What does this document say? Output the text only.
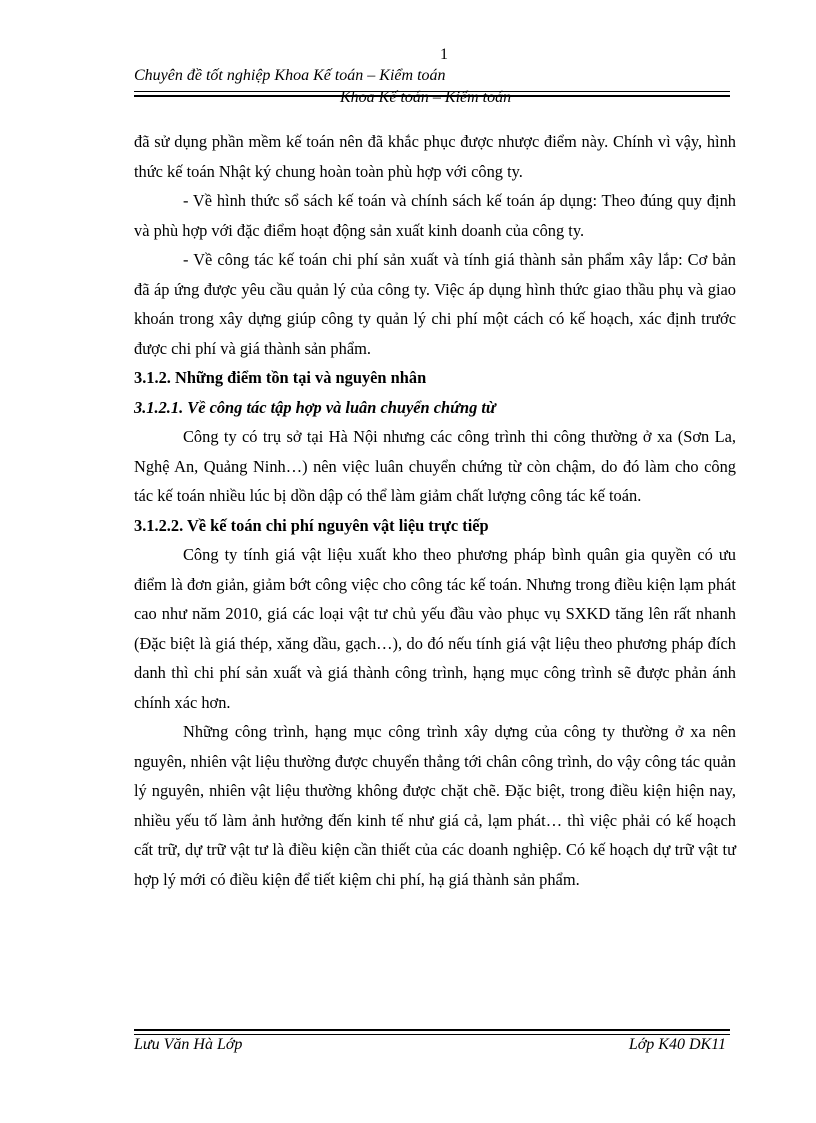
1
Chuyên đề tốt nghiệp Khoa Kế toán – Kiểm toán
Khoa Kế toán – Kiểm toán

đã sử dụng phần mềm kế toán nên đã khắc phục được nhược điểm này. Chính vì vậy, hình thức kế toán Nhật ký chung hoàn toàn phù hợp với công ty.

- Về hình thức sổ sách kế toán và chính sách kế toán áp dụng: Theo đúng quy định và phù hợp với đặc điểm hoạt động sản xuất kinh doanh của công ty.

- Về công tác kế toán chi phí sản xuất và tính giá thành sản phẩm xây lắp: Cơ bản đã áp ứng được yêu cầu quản lý của công ty. Việc áp dụng hình thức giao thầu phụ và giao khoán trong xây dựng giúp công ty quản lý chi phí một cách có kế hoạch, xác định trước được chi phí và giá thành sản phẩm.

3.1.2. Những điểm tồn tại và nguyên nhân

3.1.2.1. Về công tác tập hợp và luân chuyển chứng từ

Công ty có trụ sở tại Hà Nội nhưng các công trình thi công thường ở xa (Sơn La, Nghệ An, Quảng Ninh…) nên việc luân chuyển chứng từ còn chậm, do đó làm cho công tác kế toán nhiều lúc bị dồn dập có thể làm giảm chất lượng công tác kế toán.

3.1.2.2. Về kế toán chi phí nguyên vật liệu trực tiếp

Công ty tính giá vật liệu xuất kho theo phương pháp bình quân gia quyền có ưu điểm là đơn giản, giảm bớt công việc cho công tác kế toán. Nhưng trong điều kiện lạm phát cao như năm 2010, giá các loại vật tư chủ yếu đầu vào phục vụ SXKD tăng lên rất nhanh (Đặc biệt là giá thép, xăng dầu, gạch…), do đó nếu tính giá vật liệu theo phương pháp đích danh thì chi phí sản xuất và giá thành công trình, hạng mục công trình sẽ được phản ánh chính xác hơn.

Những công trình, hạng mục công trình xây dựng của công ty thường ở xa nên nguyên, nhiên vật liệu thường được chuyển thẳng tới chân công trình, do vậy công tác quản lý nguyên, nhiên vật liệu thường không được chặt chẽ. Đặc biệt, trong điều kiện hiện nay, nhiều yếu tố làm ảnh hưởng đến kinh tế như giá cả, lạm phát… thì việc phải có kế hoạch cất trữ, dự trữ vật tư là điều kiện cần thiết của các doanh nghiệp. Có kế hoạch dự trữ vật tư hợp lý mới có điều kiện để tiết kiệm chi phí, hạ giá thành sản phẩm.

Lưu Văn Hà Lớp	Lớp K40 DK11
